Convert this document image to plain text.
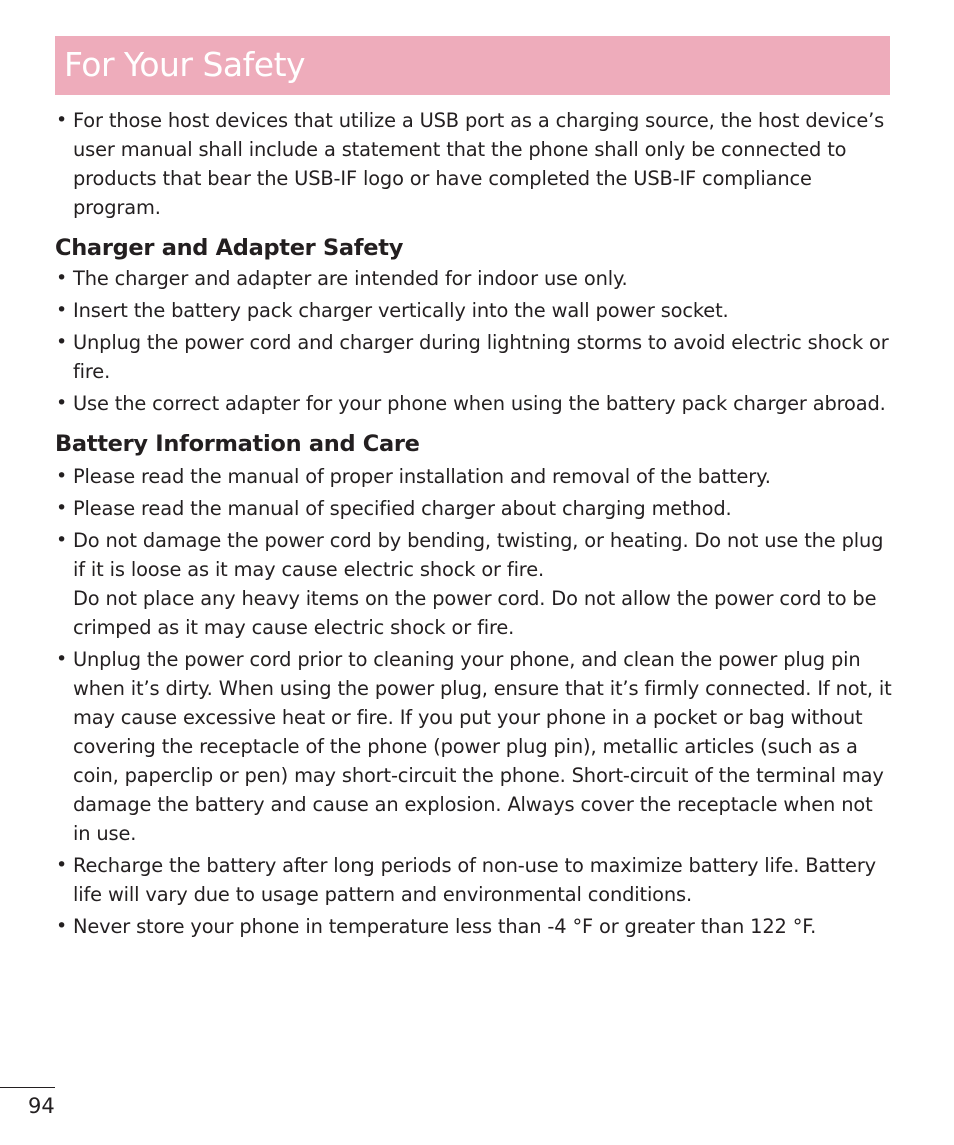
For Your Safety
• For those host devices that utilize a USB port as a charging source, the host device’s user manual shall include a statement that the phone shall only be connected to products that bear the USB-IF logo or have completed the USB-IF compliance program.
Charger and Adapter Safety
• The charger and adapter are intended for indoor use only.
• Insert the battery pack charger vertically into the wall power socket.
• Unplug the power cord and charger during lightning storms to avoid electric shock or fire.
• Use the correct adapter for your phone when using the battery pack charger abroad.
Battery Information and Care
• Please read the manual of proper installation and removal of the battery.
• Please read the manual of specified charger about charging method.
• Do not damage the power cord by bending, twisting, or heating. Do not use the plug if it is loose as it may cause electric shock or fire.
Do not place any heavy items on the power cord. Do not allow the power cord to be crimped as it may cause electric shock or fire.
• Unplug the power cord prior to cleaning your phone, and clean the power plug pin when it’s dirty. When using the power plug, ensure that it’s firmly connected. If not, it may cause excessive heat or fire. If you put your phone in a pocket or bag without covering the receptacle of the phone (power plug pin), metallic articles (such as a coin, paperclip or pen) may short-circuit the phone. Short-circuit of the terminal may damage the battery and cause an explosion. Always cover the receptacle when not in use.
• Recharge the battery after long periods of non-use to maximize battery life. Battery life will vary due to usage pattern and environmental conditions.
• Never store your phone in temperature less than -4 °F or greater than 122 °F.
94
